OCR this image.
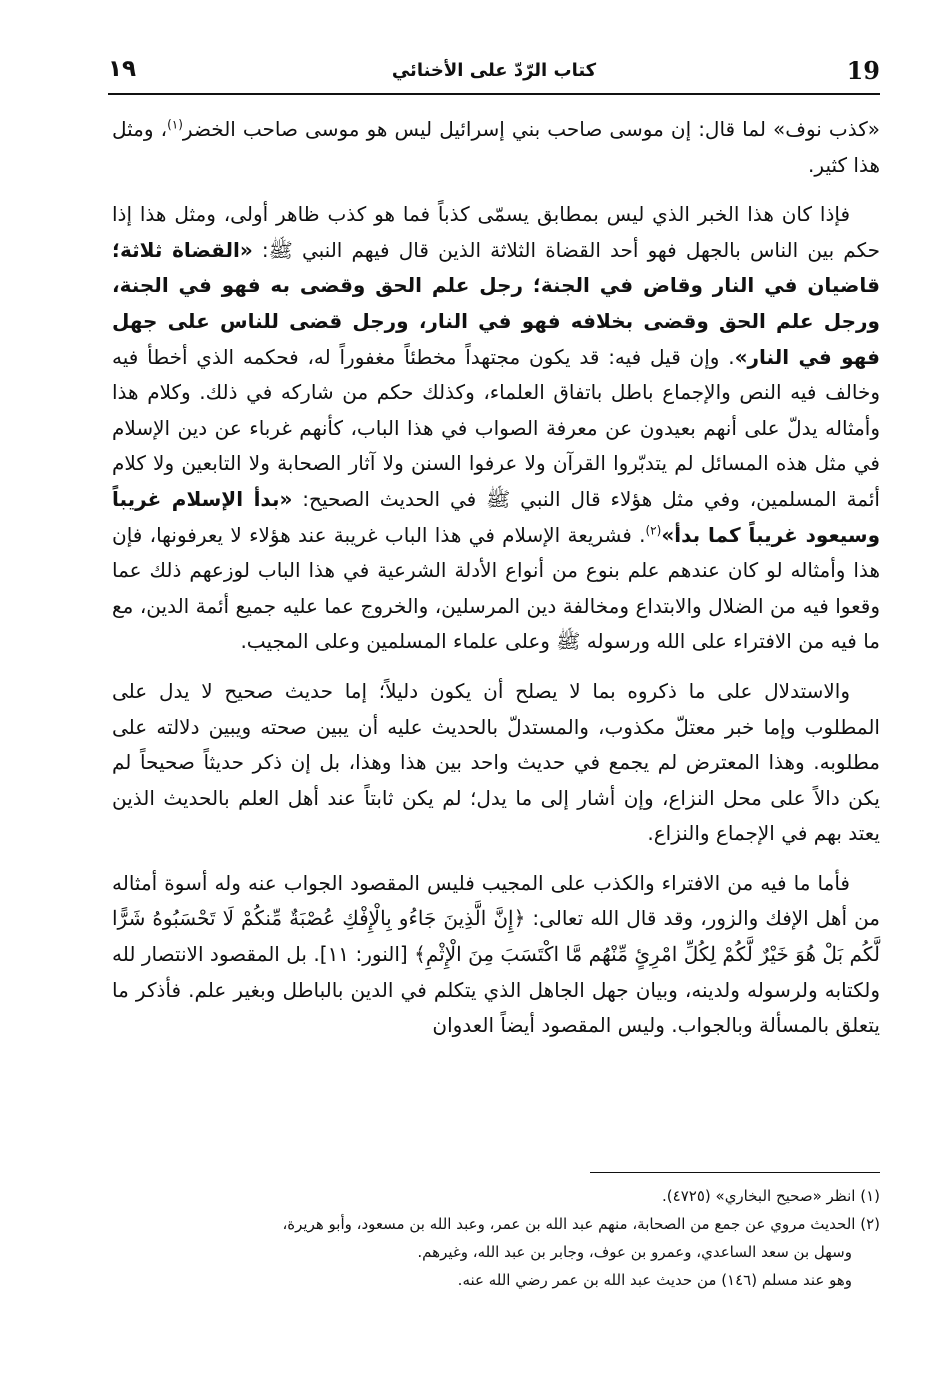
19
كتاب الرّدّ على الأخنائي
١٩

«كذب نوف» لما قال: إن موسى صاحب بني إسرائيل ليس هو موسى صاحب الخضر$^{(١)}$، ومثل هذا كثير.

فإذا كان هذا الخبر الذي ليس بمطابق يسمّى كذباً فما هو كذب ظاهر أولى، ومثل هذا إذا حكم بين الناس بالجهل فهو أحد القضاة الثلاثة الذين قال فيهم النبي ﷺ: «القضاة ثلاثة؛ قاضيان في النار وقاض في الجنة؛ رجل علم الحق وقضى به فهو في الجنة، ورجل علم الحق وقضى بخلافه فهو في النار، ورجل قضى للناس على جهل فهو في النار». وإن قيل فيه: قد يكون مجتهداً مخطئاً مغفوراً له، فحكمه الذي أخطأ فيه وخالف فيه النص والإجماع باطل باتفاق العلماء، وكذلك حكم من شاركه في ذلك. وكلام هذا وأمثاله يدلّ على أنهم بعيدون عن معرفة الصواب في هذا الباب، كأنهم غرباء عن دين الإسلام في مثل هذه المسائل لم يتدبّروا القرآن ولا عرفوا السنن ولا آثار الصحابة ولا التابعين ولا كلام أئمة المسلمين، وفي مثل هؤلاء قال النبي ﷺ في الحديث الصحيح: «بدأ الإسلام غريباً وسيعود غريباً كما بدأ»$^{(٢)}$. فشريعة الإسلام في هذا الباب غريبة عند هؤلاء لا يعرفونها، فإن هذا وأمثاله لو كان عندهم علم بنوع من أنواع الأدلة الشرعية في هذا الباب لوزعهم ذلك عما وقعوا فيه من الضلال والابتداع ومخالفة دين المرسلين، والخروج عما عليه جميع أئمة الدين، مع ما فيه من الافتراء على الله ورسوله ﷺ وعلى علماء المسلمين وعلى المجيب.

والاستدلال على ما ذكروه بما لا يصلح أن يكون دليلاً؛ إما حديث صحيح لا يدل على المطلوب وإما خبر معتلّ مكذوب، والمستدلّ بالحديث عليه أن يبين صحته ويبين دلالته على مطلوبه. وهذا المعترض لم يجمع في حديث واحد بين هذا وهذا، بل إن ذكر حديثاً صحيحاً لم يكن دالاً على محل النزاع، وإن أشار إلى ما يدل؛ لم يكن ثابتاً عند أهل العلم بالحديث الذين يعتد بهم في الإجماع والنزاع.

فأما ما فيه من الافتراء والكذب على المجيب فليس المقصود الجواب عنه وله أسوة أمثاله من أهل الإفك والزور، وقد قال الله تعالى: ﴿إِنَّ الَّذِينَ جَاءُو بِالْإِفْكِ عُصْبَةٌ مِّنكُمْ لَا تَحْسَبُوهُ شَرًّا لَّكُم بَلْ هُوَ خَيْرٌ لَّكُمْ لِكُلِّ امْرِئٍ مِّنْهُم مَّا اكْتَسَبَ مِنَ الْإِثْمِ﴾ [النور: ١١]. بل المقصود الانتصار لله ولكتابه ولرسوله ولدينه، وبيان جهل الجاهل الذي يتكلم في الدين بالباطل وبغير علم. فأذكر ما يتعلق بالمسألة وبالجواب. وليس المقصود أيضاً العدوان

(١) انظر «صحيح البخاري» (٤٧٢٥).

(٢) الحديث مروي عن جمع من الصحابة، منهم عبد الله بن عمر، وعبد الله بن مسعود، وأبو هريرة،

وسهل بن سعد الساعدي، وعمرو بن عوف، وجابر بن عبد الله، وغيرهم.

وهو عند مسلم (١٤٦) من حديث عبد الله بن عمر رضي الله عنه.
